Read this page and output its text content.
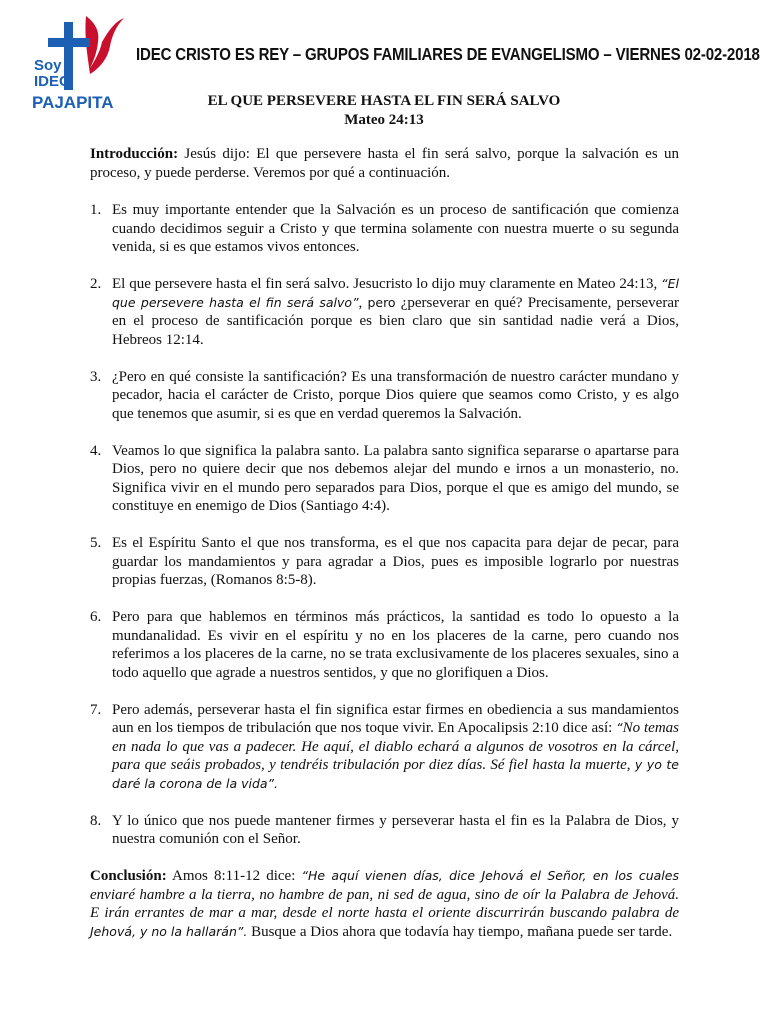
Soy
IDEC
PAJAPITA
IDEC CRISTO ES REY – GRUPOS FAMILIARES DE EVANGELISMO – VIERNES 02-02-2018
EL QUE PERSEVERE HASTA EL FIN SERÁ SALVO
Mateo 24:13

Introducción: Jesús dijo: El que persevere hasta el fin será salvo, porque la salvación es un proceso, y puede perderse. Veremos por qué a continuación.

1. Es muy importante entender que la Salvación es un proceso de santificación que comienza cuando decidimos seguir a Cristo y que termina solamente con nuestra muerte o su segunda venida, si es que estamos vivos entonces.
2. El que persevere hasta el fin será salvo. Jesucristo lo dijo muy claramente en Mateo 24:13, “El que persevere hasta el fin será salvo”, pero ¿perseverar en qué? Precisamente, perseverar en el proceso de santificación porque es bien claro que sin santidad nadie verá a Dios, Hebreos 12:14.
3. ¿Pero en qué consiste la santificación? Es una transformación de nuestro carácter mundano y pecador, hacia el carácter de Cristo, porque Dios quiere que seamos como Cristo, y es algo que tenemos que asumir, si es que en verdad queremos la Salvación.
4. Veamos lo que significa la palabra santo. La palabra santo significa separarse o apartarse para Dios, pero no quiere decir que nos debemos alejar del mundo e irnos a un monasterio, no. Significa vivir en el mundo pero separados para Dios, porque el que es amigo del mundo, se constituye en enemigo de Dios (Santiago 4:4).
5. Es el Espíritu Santo el que nos transforma, es el que nos capacita para dejar de pecar, para guardar los mandamientos y para agradar a Dios, pues es imposible lograrlo por nuestras propias fuerzas, (Romanos 8:5-8).
6. Pero para que hablemos en términos más prácticos, la santidad es todo lo opuesto a la mundanalidad. Es vivir en el espíritu y no en los placeres de la carne, pero cuando nos referimos a los placeres de la carne, no se trata exclusivamente de los placeres sexuales, sino a todo aquello que agrade a nuestros sentidos, y que no glorifiquen a Dios.
7. Pero además, perseverar hasta el fin significa estar firmes en obediencia a sus mandamientos aun en los tiempos de tribulación que nos toque vivir. En Apocalipsis 2:10 dice así: “No temas en nada lo que vas a padecer. He aquí, el diablo echará a algunos de vosotros en la cárcel, para que seáis probados, y tendréis tribulación por diez días. Sé fiel hasta la muerte, y yo te daré la corona de la vida”.
8. Y lo único que nos puede mantener firmes y perseverar hasta el fin es la Palabra de Dios, y nuestra comunión con el Señor.

Conclusión: Amos 8:11-12 dice: “He aquí vienen días, dice Jehová el Señor, en los cuales enviaré hambre a la tierra, no hambre de pan, ni sed de agua, sino de oír la Palabra de Jehová. E irán errantes de mar a mar, desde el norte hasta el oriente discurrirán buscando palabra de Jehová, y no la hallarán”. Busque a Dios ahora que todavía hay tiempo, mañana puede ser tarde.
